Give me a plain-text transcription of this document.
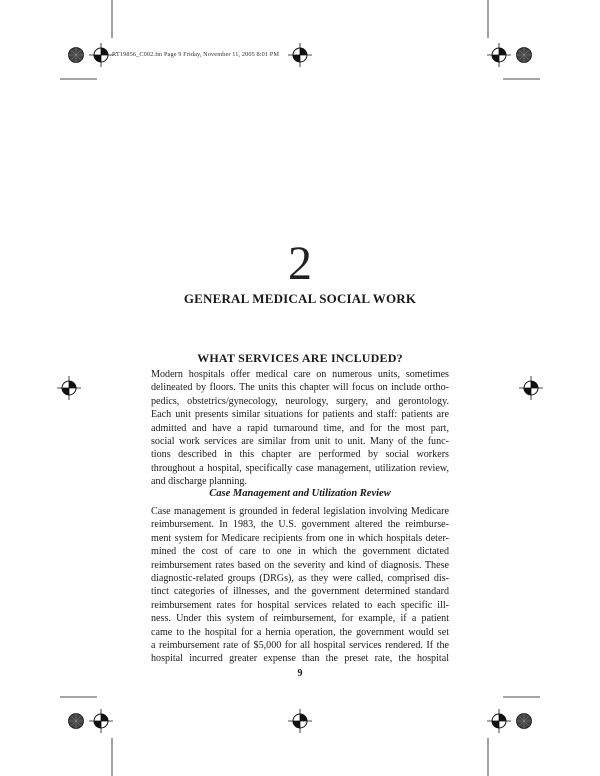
RT19856_C002.fm Page 9 Friday, November 11, 2005 8:01 PM
2
GENERAL MEDICAL SOCIAL WORK
WHAT SERVICES ARE INCLUDED?
Modern hospitals offer medical care on numerous units, sometimes
delineated by floors. The units this chapter will focus on include ortho-
pedics, obstetrics/gynecology, neurology, surgery, and gerontology.
Each unit presents similar situations for patients and staff: patients are
admitted and have a rapid turnaround time, and for the most part,
social work services are similar from unit to unit. Many of the func-
tions described in this chapter are performed by social workers
throughout a hospital, specifically case management, utilization review,
and discharge planning.
Case Management and Utilization Review
Case management is grounded in federal legislation involving Medicare
reimbursement. In 1983, the U.S. government altered the reimburse-
ment system for Medicare recipients from one in which hospitals deter-
mined the cost of care to one in which the government dictated
reimbursement rates based on the severity and kind of diagnosis. These
diagnostic-related groups (DRGs), as they were called, comprised dis-
tinct categories of illnesses, and the government determined standard
reimbursement rates for hospital services related to each specific ill-
ness. Under this system of reimbursement, for example, if a patient
came to the hospital for a hernia operation, the government would set
a reimbursement rate of $5,000 for all hospital services rendered. If the
hospital incurred greater expense than the preset rate, the hospital
9
